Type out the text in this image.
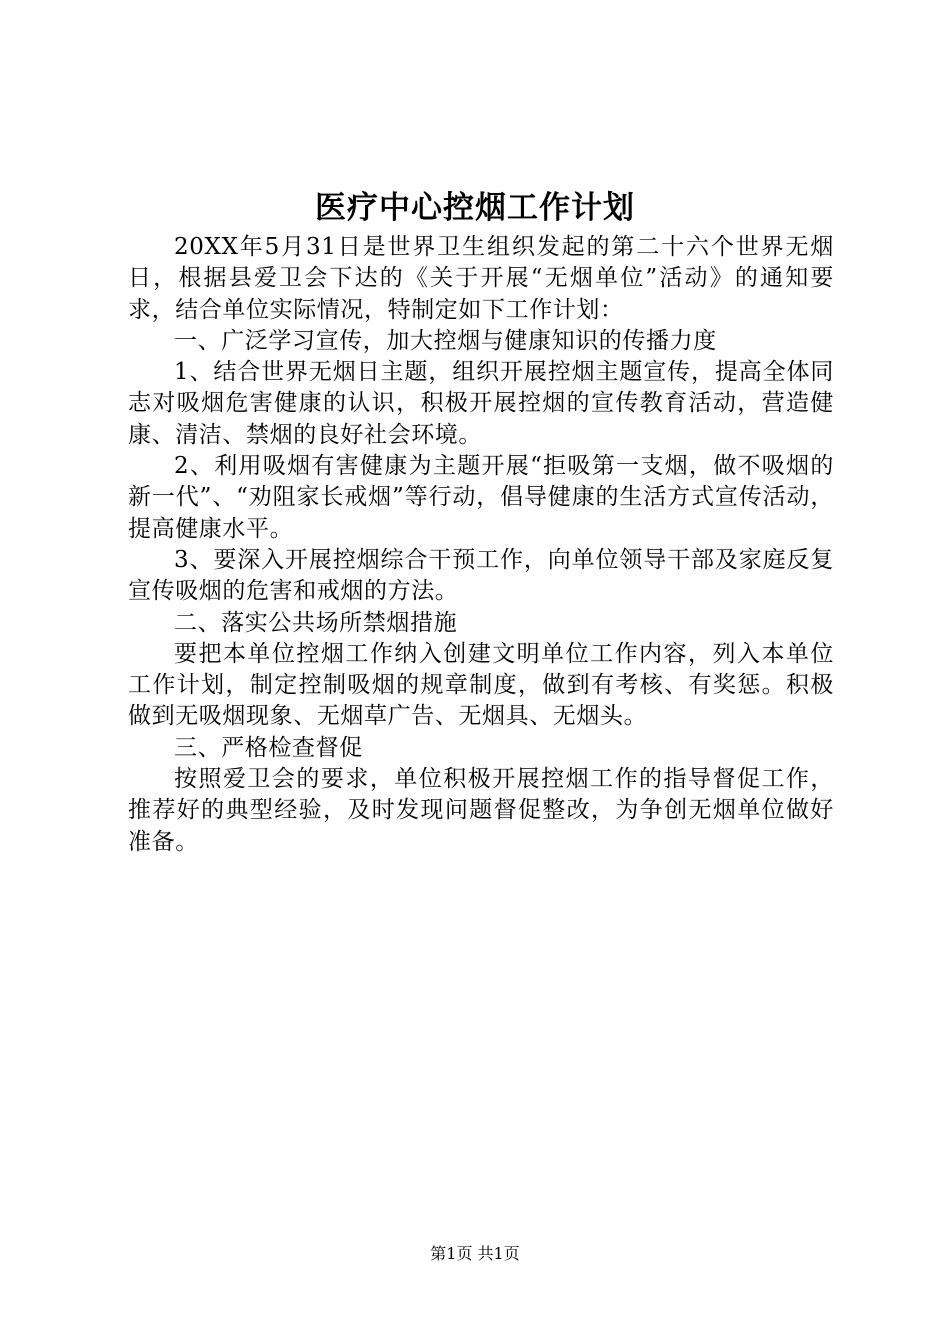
医疗中心控烟工作计划

20XX年5月31日是世界卫生组织发起的第二十六个世界无烟日，根据县爱卫会下达的《关于开展“无烟单位”活动》的通知要求，结合单位实际情况，特制定如下工作计划：

一、广泛学习宣传，加大控烟与健康知识的传播力度

1、结合世界无烟日主题，组织开展控烟主题宣传，提高全体同志对吸烟危害健康的认识，积极开展控烟的宣传教育活动，营造健康、清洁、禁烟的良好社会环境。

2、利用吸烟有害健康为主题开展“拒吸第一支烟，做不吸烟的新一代”、“劝阻家长戒烟”等行动，倡导健康的生活方式宣传活动，提高健康水平。

3、要深入开展控烟综合干预工作，向单位领导干部及家庭反复宣传吸烟的危害和戒烟的方法。

二、落实公共场所禁烟措施

要把本单位控烟工作纳入创建文明单位工作内容，列入本单位工作计划，制定控制吸烟的规章制度，做到有考核、有奖惩。积极做到无吸烟现象、无烟草广告、无烟具、无烟头。

三、严格检查督促

按照爱卫会的要求，单位积极开展控烟工作的指导督促工作，推荐好的典型经验，及时发现问题督促整改，为争创无烟单位做好准备。

第1页 共1页
